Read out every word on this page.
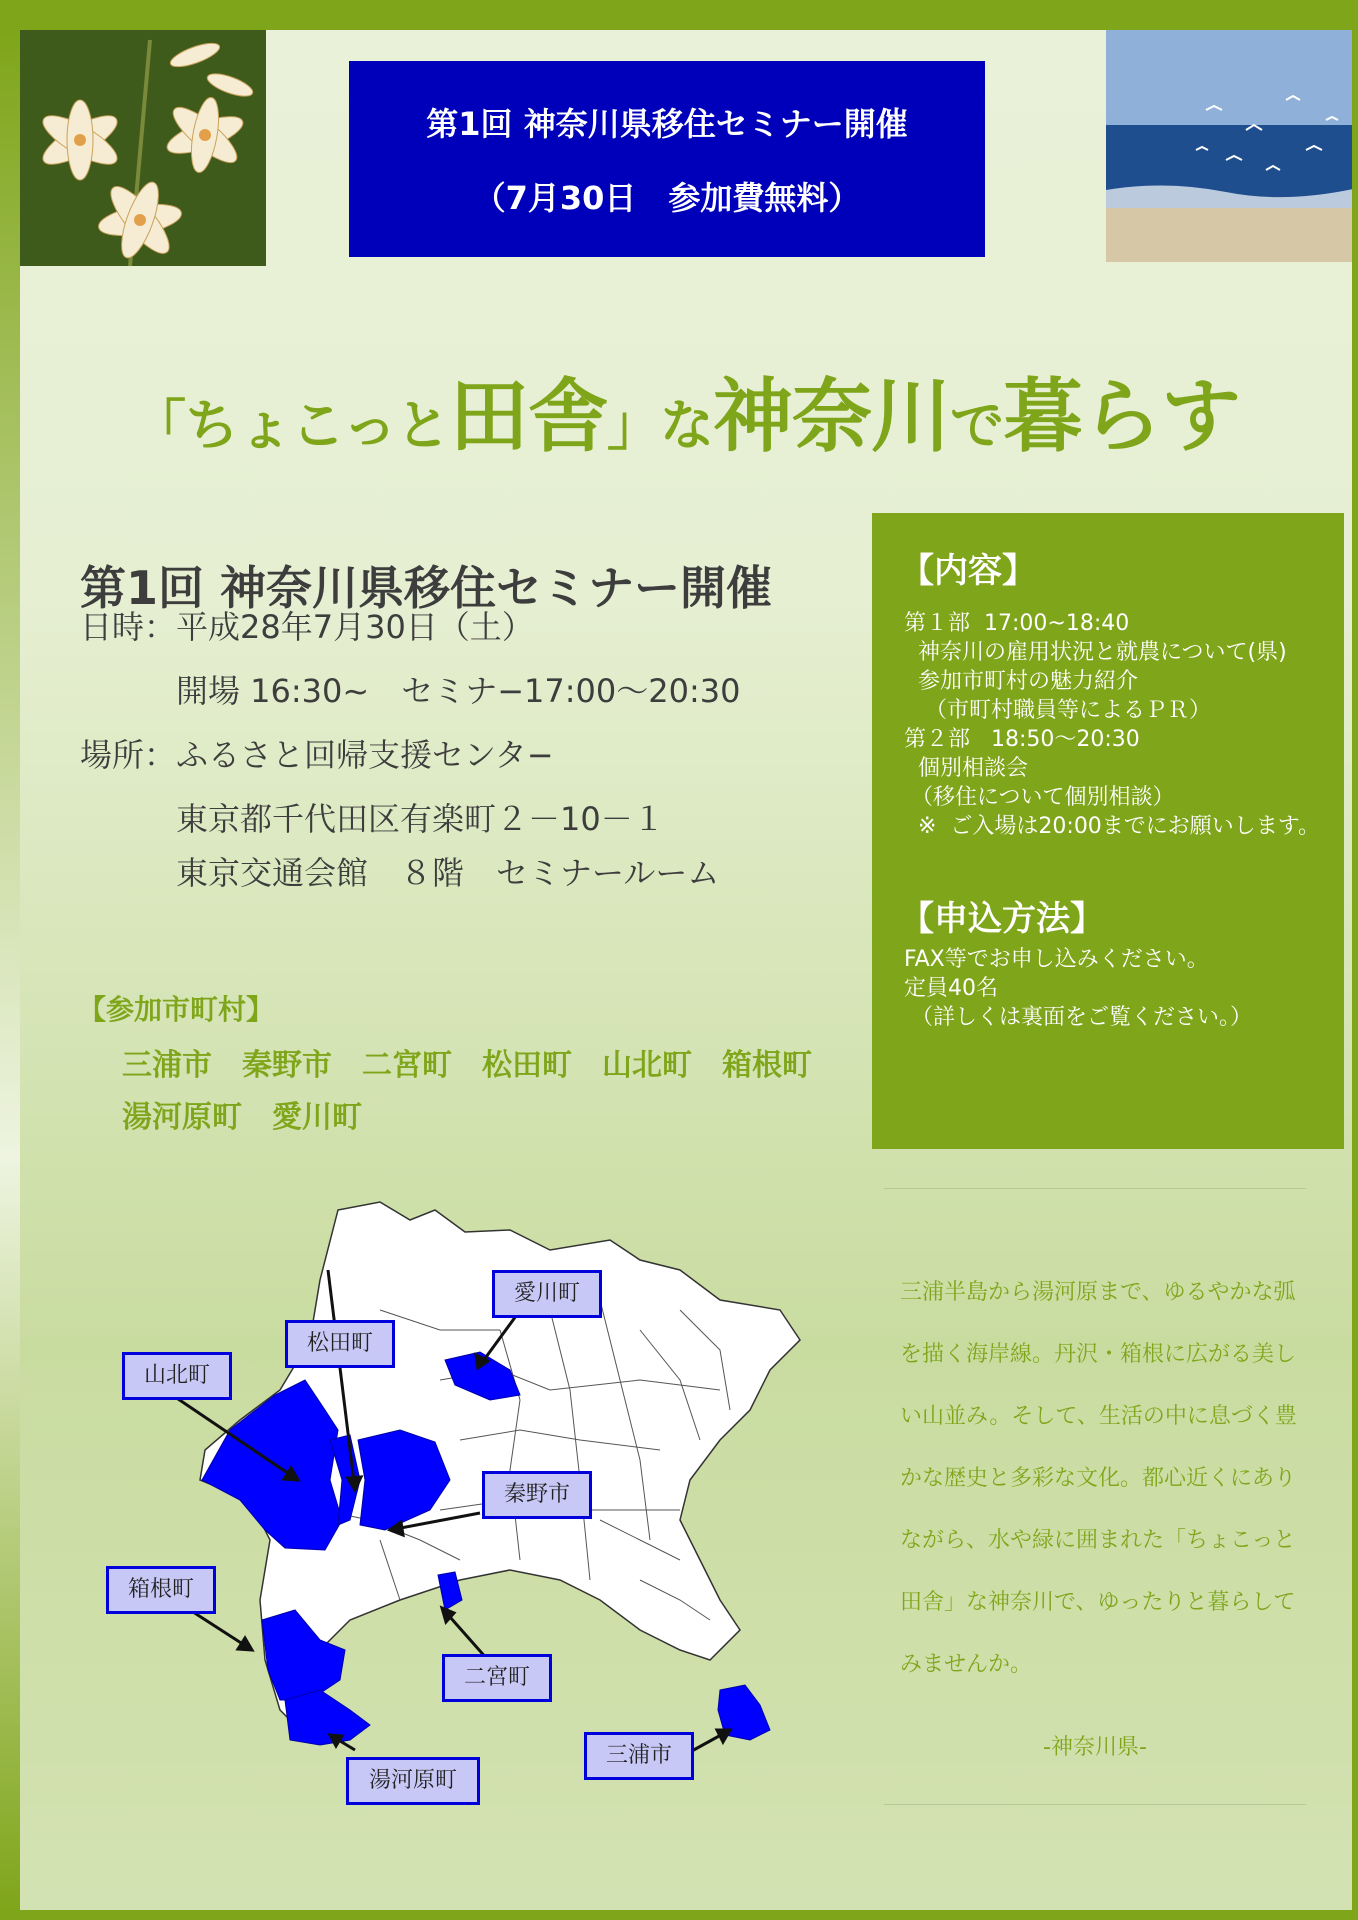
第1回 神奈川県移住セミナー開催
（7月30日　参加費無料）
「ちょこっと田舎」な神奈川で暮らす
第1回 神奈川県移住セミナー開催
日時： 平成28年7月30日（土）
開場 16:30~　セミナ−17:00～20:30
場所： ふるさと回帰支援センタ−
東京都千代田区有楽町２－10－１
東京交通会館　８階　セミナールーム
【参加市町村】
三浦市　秦野市　二宮町　松田町　山北町　箱根町
湯河原町　愛川町
【内容】
第１部  17:00~18:40
神奈川の雇用状況と就農について(県)
参加市町村の魅力紹介
（市町村職員等によるＰＲ）
第２部   18:50～20:30
個別相談会
（移住について個別相談）
※  ご入場は20:00までにお願いします。
【申込方法】
FAX等でお申し込みください。
定員40名
（詳しくは裏面をご覧ください。）
三浦半島から湯河原まで、ゆるやかな弧を描く海岸線。丹沢・箱根に広がる美しい山並み。そして、生活の中に息づく豊かな歴史と多彩な文化。都心近くにありながら、水や緑に囲まれた「ちょこっと田舎」な神奈川で、ゆったりと暮らしてみませんか。
-神奈川県-
愛川町
松田町
山北町
秦野市
箱根町
二宮町
三浦市
湯河原町
